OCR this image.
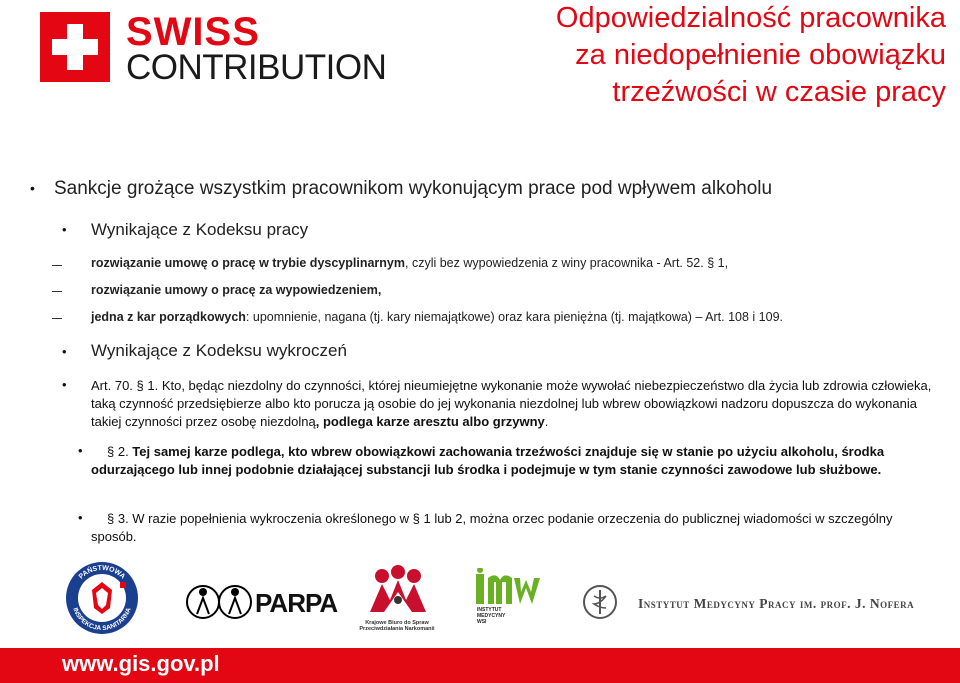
SWISS
CONTRIBUTION
Odpowiedzialność pracownika
za niedopełnienie obowiązku
trzeźwości w czasie pracy
• Sankcje grożące wszystkim pracownikom wykonującym prace pod wpływem alkoholu
• Wynikające z Kodeksu pracy
rozwiązanie umowę o pracę w trybie dyscyplinarnym, czyli bez wypowiedzenia z winy pracownika - Art. 52. § 1,
rozwiązanie umowy o pracę za wypowiedzeniem,
jedna z kar porządkowych: upomnienie, nagana (tj. kary niemajątkowe) oraz kara pieniężna (tj. majątkowa) – Art. 108 i 109.
• Wynikające z Kodeksu wykroczeń
• Art. 70. § 1. Kto, będąc niezdolny do czynności, której nieumiejętne wykonanie może wywołać niebezpieczeństwo dla życia lub zdrowia człowieka, taką czynność przedsiębierze albo kto porucza ją osobie do jej wykonania niezdolnej lub wbrew obowiązkowi nadzoru dopuszcza do wykonania takiej czynności przez osobę niezdolną, podlega karze aresztu albo grzywny.
•	§ 2. Tej samej karze podlega, kto wbrew obowiązkowi zachowania trzeźwości znajduje się w stanie po użyciu alkoholu, środka odurzającego lub innej podobnie działającej substancji lub środka i podejmuje w tym stanie czynności zawodowe lub służbowe.
•	§ 3. W razie popełnienia wykroczenia określonego w § 1 lub 2, można orzec podanie orzeczenia do publicznej wiadomości w szczególny sposób.
PAŃSTWOWA
INSPEKCJA SANITARNA	PARPA
Krajowe Biuro do Spraw
Przeciwdziałania Narkomanii
INSTYTUT
MEDYCYNY
WSI
Instytut Medycyny Pracy im. prof. J. Nofera
www.gis.gov.pl
